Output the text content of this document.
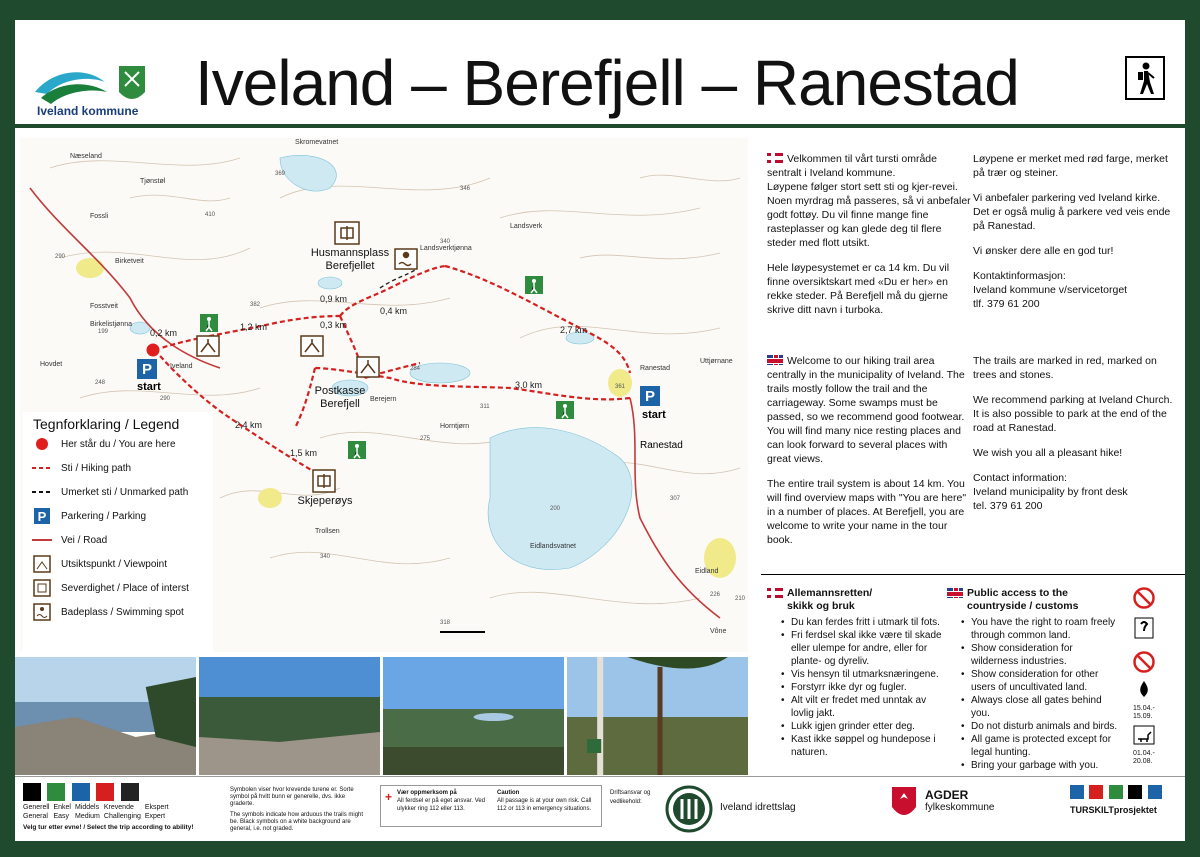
Iveland kommune Iveland – Berefjell – Ranestad
Næseland
Fossli
Tjønstøl
Skromevatnet
Birketveit
Fosstveit
Birkelistjønna
Landsverktjønna
Landsverk
Iveland
Hovdet
Berejern
Horntjørn
Trollsen
Ranestad
Uttjørnane
Eidlandsvatnet
Eidland
Vône
Ranestad
369
346
410
290
199
248
290
340
382
284
311
275
340
361
307
200
318
226
210
0,2 km
1,2 km
0,9 km
0,3 km
0,4 km
2,7 km
3,0 km
2,4 km
1,5 km
Husmannsplass
Berefjellet
Postkasse
Berefjell
Skjeperøys
P
start
P
start
Tegnforklaring / Legend
Her står du / You are here
Sti / Hiking path
Umerket sti / Unmarked path
P Parkering / Parking
Vei / Road
Utsiktspunkt / Viewpoint
Severdighet / Place of interst
Badeplass / Swimming spot

Velkommen til vårt tursti område sentralt i Iveland kommune.

Løypene følger stort sett sti og kjer-revei. Noen myrdrag må passeres, så vi anbefaler godt fottøy. Du vil finne mange fine rasteplasser og kan glede deg til flere steder med flott utsikt.

Hele løypesystemet er ca 14 km. Du vil finne oversiktskart med «Du er her» en rekke steder. På Berefjell må du gjerne skrive ditt navn i turboka.

Løypene er merket med rød farge, merket på trær og steiner.

Vi anbefaler parkering ved Iveland kirke. Det er også mulig å parkere ved veis ende på Ranestad.

Vi ønsker dere alle en god tur!

Kontaktinformasjon:
Iveland kommune v/servicetorget
tlf. 379 61 200

Welcome to our hiking trail area centrally in the municipality of Iveland. The trails mostly follow the trail and the carriageway. Some swamps must be passed, so we recommend good footwear. You will find many nice resting places and can look forward to several places with great views.

The entire trail system is about 14 km. You will find overview maps with "You are here" in a number of places. At Berefjell, you are welcome to write your name in the tour book.

The trails are marked in red, marked on trees and stones.

We recommend parking at Iveland Church. It is also possible to park at the end of the road at Ranestad.

We wish you all a pleasant hike!

Contact information:
Iveland municipality by front desk
tel. 379 61 200

Allemannsretten/
skikk og bruk
• Du kan ferdes fritt i utmark til fots.
• Fri ferdsel skal ikke være til skade eller ulempe for andre, eller for plante- og dyreliv.
• Vis hensyn til utmarksnæringene.
• Forstyrr ikke dyr og fugler.
• Alt vilt er fredet med unntak av lovlig jakt.
• Lukk igjen grinder etter deg.
• Kast ikke søppel og hundepose i naturen.
Public access to the
countryside / customs
• You have the right to roam freely through common land.
• Show consideration for wilderness industries.
• Show consideration for other users of uncultivated land.
• Always close all gates behind you.
• Do not disturb animals and birds.
• All game is protected except for legal hunting.
• Bring your garbage with you.

15.04.-
15.09.
01.04.-
20.08.

Generell
General
Enkel
Easy
Middels
Medium
Krevende
Challenging
Ekspert
Expert
Velg tur etter evne! / Select the trip according to ability!
Symbolen viser hvor krevende turene er. Sorte symbol på hvitt bunn er generelle, dvs. ikke graderte.
The symbols indicate how arduous the trails might be. Black symbols on a white background are general, i.e. not graded.
+ Vær oppmerksom på
All ferdsel er på eget ansvar. Ved ulykker ring 112 eller 113.
Caution
All passage is at your own risk. Call 112 or 113 in emergency situations.
Driftsansvar og vedlikehold:	Iveland idrettslag
AGDER
fylkeskommune
	TURSKILTprosjektet
